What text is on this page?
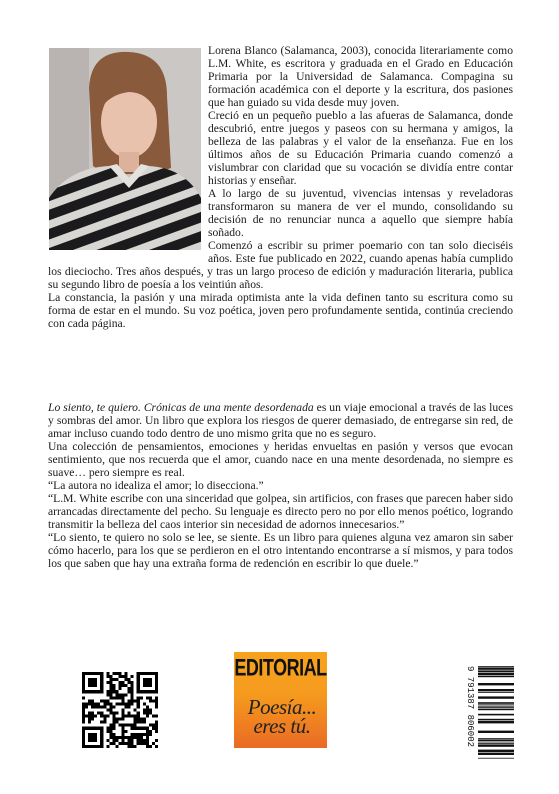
Lorena Blanco (Salamanca, 2003), conocida literariamente como L.M. White, es escritora y graduada en el Grado en Educación Primaria por la Universidad de Salamanca. Compagina su formación académica con el deporte y la escritura, dos pasiones que han guiado su vida desde muy joven.

Creció en un pequeño pueblo a las afueras de Salamanca, donde descubrió, entre juegos y paseos con su hermana y amigos, la belleza de las palabras y el valor de la enseñanza. Fue en los últimos años de su Educación Primaria cuando comenzó a vislumbrar con claridad que su vocación se dividía entre contar historias y enseñar.

A lo largo de su juventud, vivencias intensas y reveladoras transformaron su manera de ver el mundo, consolidando su decisión de no renunciar nunca a aquello que siempre había soñado.

Comenzó a escribir su primer poemario con tan solo dieciséis años. Este fue publicado en 2022, cuando apenas había cumplido los dieciocho. Tres años después, y tras un largo proceso de edición y maduración literaria, publica su segundo libro de poesía a los veintiún años.

La constancia, la pasión y una mirada optimista ante la vida definen tanto su escritura como su forma de estar en el mundo. Su voz poética, joven pero profundamente sentida, continúa creciendo con cada página.

Lo siento, te quiero. Crónicas de una mente desordenada es un viaje emocional a través de las luces y sombras del amor. Un libro que explora los riesgos de querer demasiado, de entregarse sin red, de amar incluso cuando todo dentro de uno mismo grita que no es seguro.

Una colección de pensamientos, emociones y heridas envueltas en pasión y versos que evocan sentimiento, que nos recuerda que el amor, cuando nace en una mente desordenada, no siempre es suave… pero siempre es real.

“La autora no idealiza el amor; lo disecciona.”

“L.M. White escribe con una sinceridad que golpea, sin artificios, con frases que parecen haber sido arrancadas directamente del pecho. Su lenguaje es directo pero no por ello menos poético, logrando transmitir la belleza del caos interior sin necesidad de adornos innecesarios.”

“Lo siento, te quiero no solo se lee, se siente. Es un libro para quienes alguna vez amaron sin saber cómo hacerlo, para los que se perdieron en el otro intentando encontrarse a sí mismos, y para todos los que saben que hay una extraña forma de redención en escribir lo que duele.”

EDITORIAL
Poesía...
eres tú.	9 791387 806002
